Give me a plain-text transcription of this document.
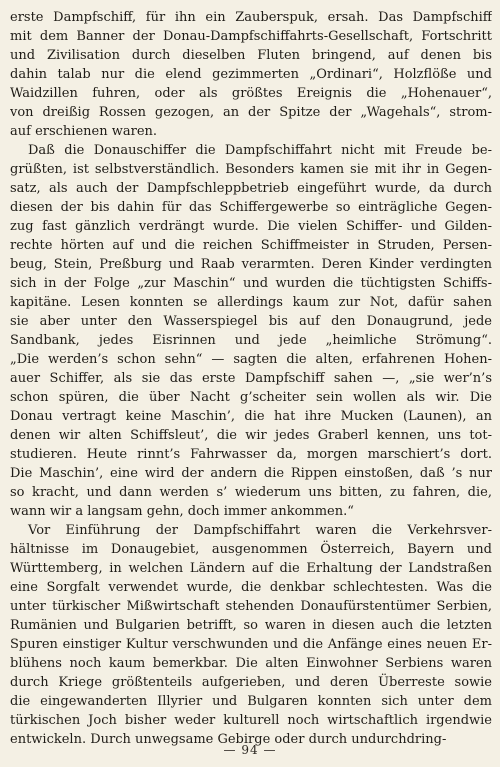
erste Dampfschiff, für ihn ein Zauberspuk, ersah. Das Dampfschiff
mit dem Banner der Donau-Dampfschiffahrts-Gesellschaft, Fortschritt
und Zivilisation durch dieselben Fluten bringend, auf denen bis
dahin talab nur die elend gezimmerten „Ordinari“, Holzflöße und
Waidzillen fuhren, oder als größtes Ereignis die „Hohenauer“,
von dreißig Rossen gezogen, an der Spitze der „Wagehals“, strom-
auf erschienen waren.
Daß die Donauschiffer die Dampfschiffahrt nicht mit Freude be-
grüßten, ist selbstverständlich. Besonders kamen sie mit ihr in Gegen-
satz, als auch der Dampfschleppbetrieb eingeführt wurde, da durch
diesen der bis dahin für das Schiffergewerbe so einträgliche Gegen-
zug fast gänzlich verdrängt wurde. Die vielen Schiffer- und Gilden-
rechte hörten auf und die reichen Schiffmeister in Struden, Persen-
beug, Stein, Preßburg und Raab verarmten. Deren Kinder verdingten
sich in der Folge „zur Maschin“ und wurden die tüchtigsten Schiffs-
kapitäne. Lesen konnten se allerdings kaum zur Not, dafür sahen
sie aber unter den Wasserspiegel bis auf den Donaugrund, jede
Sandbank, jedes Eisrinnen und jede „heimliche Strömung“.
„Die werden’s schon sehn“ — sagten die alten, erfahrenen Hohen-
auer Schiffer, als sie das erste Dampfschiff sahen —, „sie wer’n’s
schon spüren, die über Nacht g’scheiter sein wollen als wir. Die
Donau vertragt keine Maschin’, die hat ihre Mucken (Launen), an
denen wir alten Schiffsleut’, die wir jedes Graberl kennen, uns tot-
studieren. Heute rinnt’s Fahrwasser da, morgen marschiert’s dort.
Die Maschin’, eine wird der andern die Rippen einstoßen, daß ’s nur
so kracht, und dann werden s’ wiederum uns bitten, zu fahren, die,
wann wir a langsam gehn, doch immer ankommen.“
Vor Einführung der Dampfschiffahrt waren die Verkehrsver-
hältnisse im Donaugebiet, ausgenommen Österreich, Bayern und
Württemberg, in welchen Ländern auf die Erhaltung der Landstraßen
eine Sorgfalt verwendet wurde, die denkbar schlechtesten. Was die
unter türkischer Mißwirtschaft stehenden Donaufürstentümer Serbien,
Rumänien und Bulgarien betrifft, so waren in diesen auch die letzten
Spuren einstiger Kultur verschwunden und die Anfänge eines neuen Er-
blühens noch kaum bemerkbar. Die alten Einwohner Serbiens waren
durch Kriege größtenteils aufgerieben, und deren Überreste sowie
die eingewanderten Illyrier und Bulgaren konnten sich unter dem
türkischen Joch bisher weder kulturell noch wirtschaftlich irgendwie
entwickeln. Durch unwegsame Gebirge oder durch undurchdring-
— 94 —
